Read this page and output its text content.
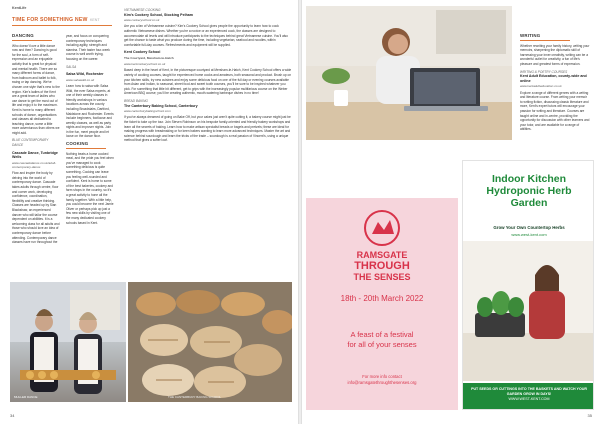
KentLife
TIME FOR SOMETHING NEW KENT
DANCING

Who doesn't love a little dance now and then? Dancing is good for the soul, a form of self-expression and an enjoyable activity that is great for physical and mental health. There are so many different forms of dance, from ballroom and ballet to folk, swing or tap dancing. We've chosen one style that's new to the region. Kim's ladies of the Kent are a great team of ladies who use dance to get the most out of life and enjoy it to the maximum. Kent is home to many different schools of dance, organisations and classes all dedicated to teaching dance, some a little more adventurous than others we might add.

BLUE CONTEMPORARY DANCE
Cascade Dance, Tunbridge Wells
www.cascadedance.co.uk/adult-contemporary-dance

Flow and inspire the body by delving into the world of contemporary dance. Cascade takes adults through centre, floor and corner work, developing confidence, coordination, flexibility and creative thinking. Classes are headed up by Sian Blackshaw, an experienced dancer who will tailor the course dependent on abilities. It is a welcoming class for all adults and those who should love an idea of contemporary dance before attending. Contemporary dance classes have run throughout the

year, and focus on conquering contemporary techniques including agility, strength and stamina. Their taster four-week course is well worth trying, focusing on the career.

SALSA
Salsa Wild, Rochester
www.salsawild.co.uk

Learn how to salsa with Salsa Wild, the ever Salsa experts, at one of their weekly classes in friendly workshops in various locations across the county including Broadstairs, Dartford, Maidstone and Rochester. Events include beginners, footloose and weekly classes, as well as party nights and improver nights. Join in the fun, meet people and let loose on the dance floor.

COOKING

Nothing beats a home cooked meal, and the pride you feel when you've managed to cook something delicious is quite something. Cooking can leave you feeling well-rounded and confident. Kent is home to some of the best bakeries, cookery and farm shops in the country, so it's a great activity to hone all the family together. With a little help, you could become the next Jamie Oliver or perhaps pick up just a few new skills by visiting one of the many dedicated cookery schools based in Kent.

VIETNAMESE COOKING
Kim's Cookery School, Stocking Pelham
www.cookeryschool.co.uk

Are you a fan of Vietnamese cuisine? Kim's Cookery School gives people the opportunity to learn how to cook authentic Vietnamese dishes. Whether you're a novice or an experienced cook, the classes are designed to accommodate all levels and will introduce participants to the techniques behind great Vietnamese cuisine. You'll also get the chance to taste what you produce during the time, including vegetarian, seafood and noodles, within comfortable full-day courses. Refreshments and equipment will be supplied.

Kent Cookery School
The Courtyard, Mereham-le-Hatch
www.kentcookeryschool.co.uk

Based deep in the heart of Kent, in the picturesque courtyard at Mersham-le-Hatch, Kent Cookery School offers a wide variety of cooking courses, taught for experienced home cooks and amateurs, both seasonal and product. Brush up on your kitchen skills, try new cuisines and enjoy some delicious food on one of the full day or evening courses available from Asian and Indian, to seasonal, street food and sweet tooth courses, you'll be sure to be inspired whatever you pick. For something that little bit different, get to grips with the increasingly popular multifarious course on the Weber American BBQ course; you'll be creating authentic, mouth-watering barbeque dishes in no time!

BREAD BAKING
The Canterbury Baking School, Canterbury
www.canterburybakingschool.com

If you've always dreamed of going on Bake Off, but your cakes just aren't quite cutting it, a bakery course might just be the ticket to take up the tour. Join Steven Robinson on his bespoke family-oriented and friendly bakery workshops and learn all the secrets of baking. Learn how to make artisan specialist breads or bagels and pretzels; these are ideal for making progress with breadmaking or for keen bakers wanting to learn more advanced techniques. Master the art and science behind sourdough and learn the tricks of the trade – sourdough is a real passion of Vincent's, using a unique method that gives a softer loaf.

MULLER DANCE	THE CANTERBURY BAKING SCHOOL
34
WRITING

Whether rewriting your family history, writing your memoirs, sharpening the diplomatic skill of harnessing your inner creativity, writing can be a wonderful outlet for creativity, a fun of life's pleasure and greatest forms of expression.

WRITING & POETRY COURSES
Kent Adult Education, county-wide and online
www.kentadulteducation.co.uk

Explore a range of different genres with a writing and literature course. From writing your memoir to writing fiction, discussing classic literature and more, Kent's expert tutors will encourage your passion for writing and literature. Courses are taught online and in-centre, providing the opportunity for discussion with other learners and your tutor, and are available for a range of abilities.

RAMSGATE
THROUGH
THE SENSES
18th - 20th March 2022
A feast of a festival
for all of your senses
For more info contact
info@ramsgatethroughthesenses.org
Indoor Kitchen Hydroponic Herb Garden
Grow Your Own Countertop Herbs
www.west-kent.com
PUT SEEDS OR CUTTINGS INTO THE BASKETS AND WATCH YOUR GARDEN GROW IN DAYS!
WWW.WEST-KENT.COM
35
